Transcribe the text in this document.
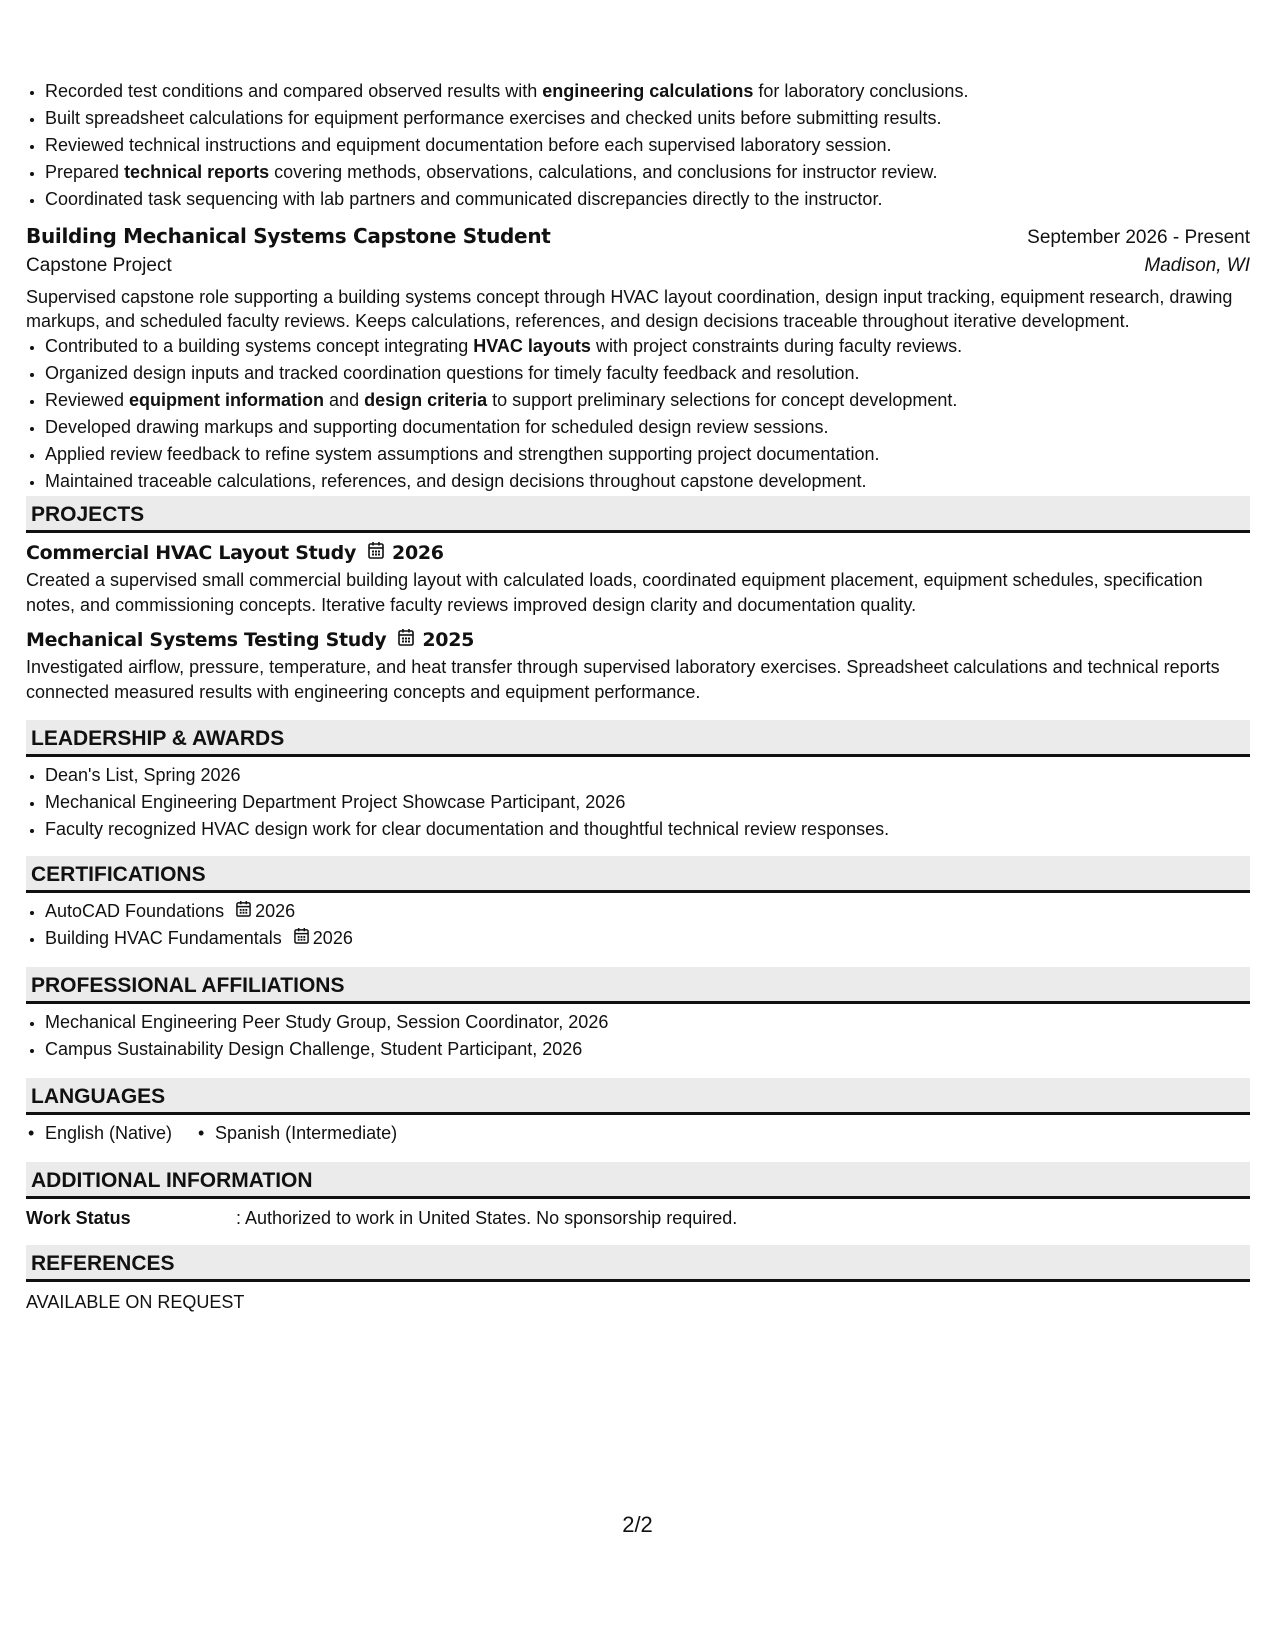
• Recorded test conditions and compared observed results with engineering calculations for laboratory conclusions.
• Built spreadsheet calculations for equipment performance exercises and checked units before submitting results.
• Reviewed technical instructions and equipment documentation before each supervised laboratory session.
• Prepared technical reports covering methods, observations, calculations, and conclusions for instructor review.
• Coordinated task sequencing with lab partners and communicated discrepancies directly to the instructor.
Building Mechanical Systems Capstone Student	September 2026 - Present
Capstone Project	Madison, WI
Supervised capstone role supporting a building systems concept through HVAC layout coordination, design input tracking, equipment research, drawing markups, and scheduled faculty reviews. Keeps calculations, references, and design decisions traceable throughout iterative development.
• Contributed to a building systems concept integrating HVAC layouts with project constraints during faculty reviews.
• Organized design inputs and tracked coordination questions for timely faculty feedback and resolution.
• Reviewed equipment information and design criteria to support preliminary selections for concept development.
• Developed drawing markups and supporting documentation for scheduled design review sessions.
• Applied review feedback to refine system assumptions and strengthen supporting project documentation.
• Maintained traceable calculations, references, and design decisions throughout capstone development.
PROJECTS
Commercial HVAC Layout Study 2026
Created a supervised small commercial building layout with calculated loads, coordinated equipment placement, equipment schedules, specification notes, and commissioning concepts. Iterative faculty reviews improved design clarity and documentation quality.
Mechanical Systems Testing Study 2025
Investigated airflow, pressure, temperature, and heat transfer through supervised laboratory exercises. Spreadsheet calculations and technical reports connected measured results with engineering concepts and equipment performance.
LEADERSHIP & AWARDS
• Dean's List, Spring 2026
• Mechanical Engineering Department Project Showcase Participant, 2026
• Faculty recognized HVAC design work for clear documentation and thoughtful technical review responses.
CERTIFICATIONS
• AutoCAD Foundations 2026
• Building HVAC Fundamentals 2026
PROFESSIONAL AFFILIATIONS
• Mechanical Engineering Peer Study Group, Session Coordinator, 2026
• Campus Sustainability Design Challenge, Student Participant, 2026
LANGUAGES
• English (Native)
•	Spanish (Intermediate)
ADDITIONAL INFORMATION
Work Status	: Authorized to work in United States. No sponsorship required.
REFERENCES
AVAILABLE ON REQUEST
2/2
